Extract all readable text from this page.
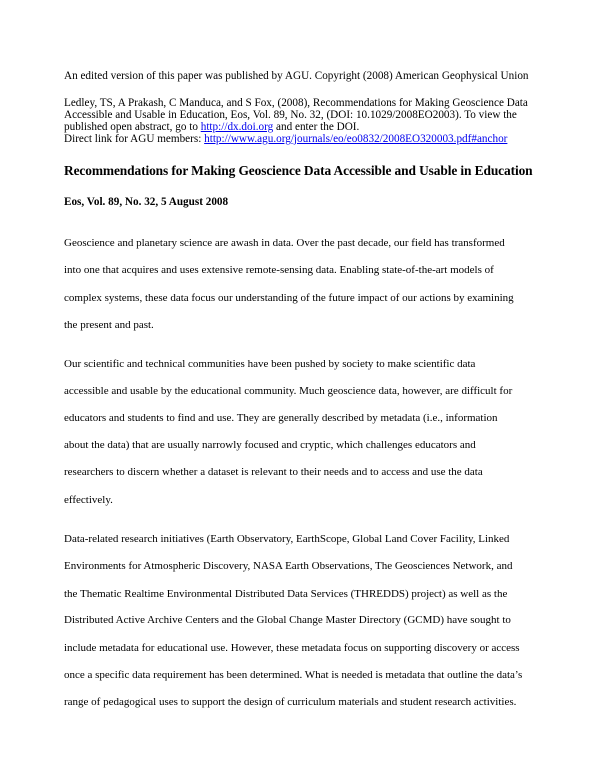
An edited version of this paper was published by AGU. Copyright (2008) American Geophysical Union
Ledley, TS, A Prakash, C Manduca, and S Fox, (2008), Recommendations for Making Geoscience Data
Accessible and Usable in Education, Eos, Vol. 89, No. 32, (DOI: 10.1029/2008EO2003). To view the
published open abstract, go to http://dx.doi.org and enter the DOI.
Direct link for AGU members: http://www.agu.org/journals/eo/eo0832/2008EO320003.pdf#anchor
Recommendations for Making Geoscience Data Accessible and Usable in Education
Eos, Vol. 89, No. 32, 5 August 2008
Geoscience and planetary science are awash in data. Over the past decade, our field has transformed
into one that acquires and uses extensive remote-sensing data. Enabling state-of-the-art models of
complex systems, these data focus our understanding of the future impact of our actions by examining
the present and past.
Our scientific and technical communities have been pushed by society to make scientific data
accessible and usable by the educational community. Much geoscience data, however, are difficult for
educators and students to find and use. They are generally described by metadata (i.e., information
about the data) that are usually narrowly focused and cryptic, which challenges educators and
researchers to discern whether a dataset is relevant to their needs and to access and use the data
effectively.
Data-related research initiatives (Earth Observatory, EarthScope, Global Land Cover Facility, Linked
Environments for Atmospheric Discovery, NASA Earth Observations, The Geosciences Network, and
the Thematic Realtime Environmental Distributed Data Services (THREDDS) project) as well as the
Distributed Active Archive Centers and the Global Change Master Directory (GCMD) have sought to
include metadata for educational use. However, these metadata focus on supporting discovery or access
once a specific data requirement has been determined. What is needed is metadata that outline the data’s
range of pedagogical uses to support the design of curriculum materials and student research activities.
